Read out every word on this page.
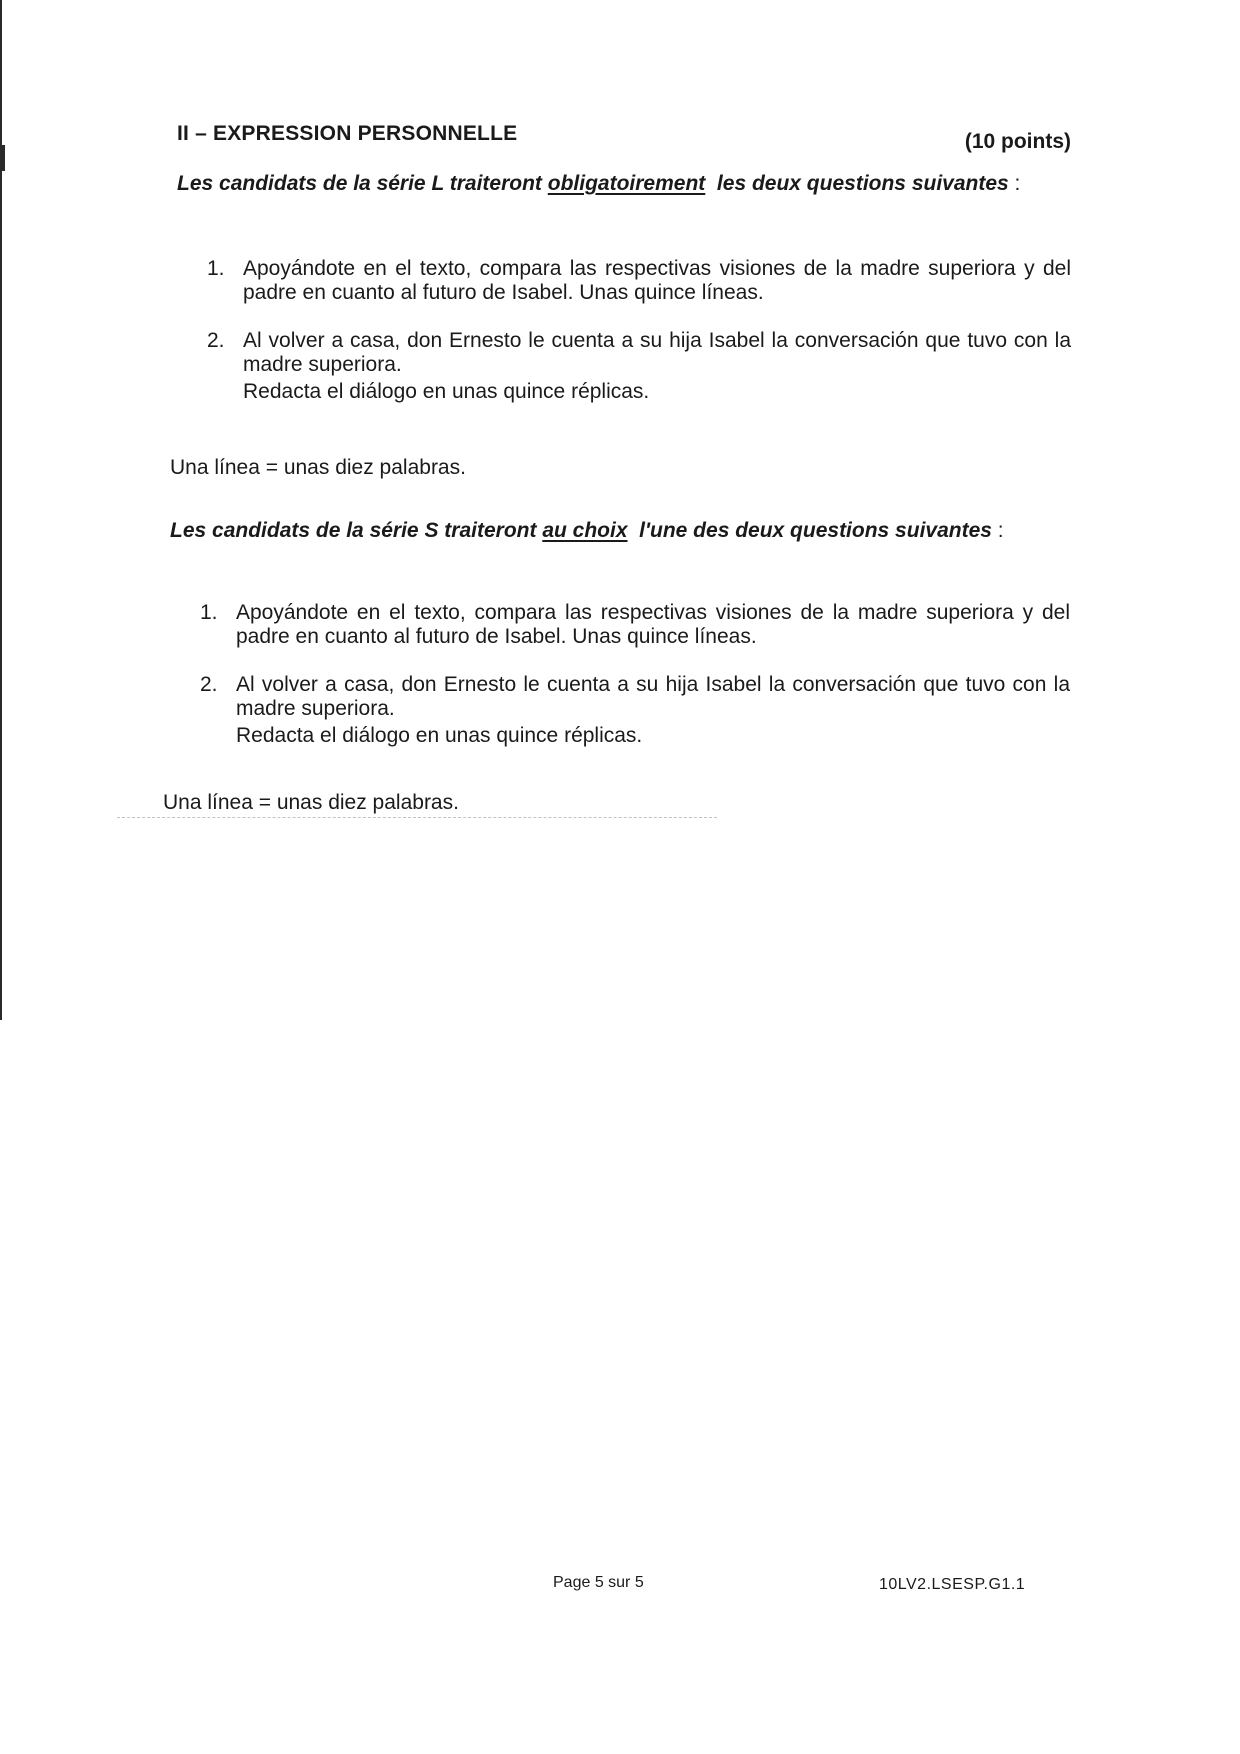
II – EXPRESSION PERSONNELLE	(10 points)
Les candidats de la série L traiteront obligatoirement  les deux questions suivantes :
1. Apoyándote en el texto, compara las respectivas visiones de la madre superiora y del padre en cuanto al futuro de Isabel. Unas quince líneas.
2. Al volver a casa, don Ernesto le cuenta a su hija Isabel la conversación que tuvo con la madre superiora.
Redacta el diálogo en unas quince réplicas.
Una línea = unas diez palabras.
Les candidats de la série S traiteront au choix  l'une des deux questions suivantes :
1. Apoyándote en el texto, compara las respectivas visiones de la madre superiora y del padre en cuanto al futuro de Isabel. Unas quince líneas.
2. Al volver a casa, don Ernesto le cuenta a su hija Isabel la conversación que tuvo con la madre superiora.
Redacta el diálogo en unas quince réplicas.
Una línea = unas diez palabras.
Page 5 sur 5	10LV2.LSESP.G1.1
